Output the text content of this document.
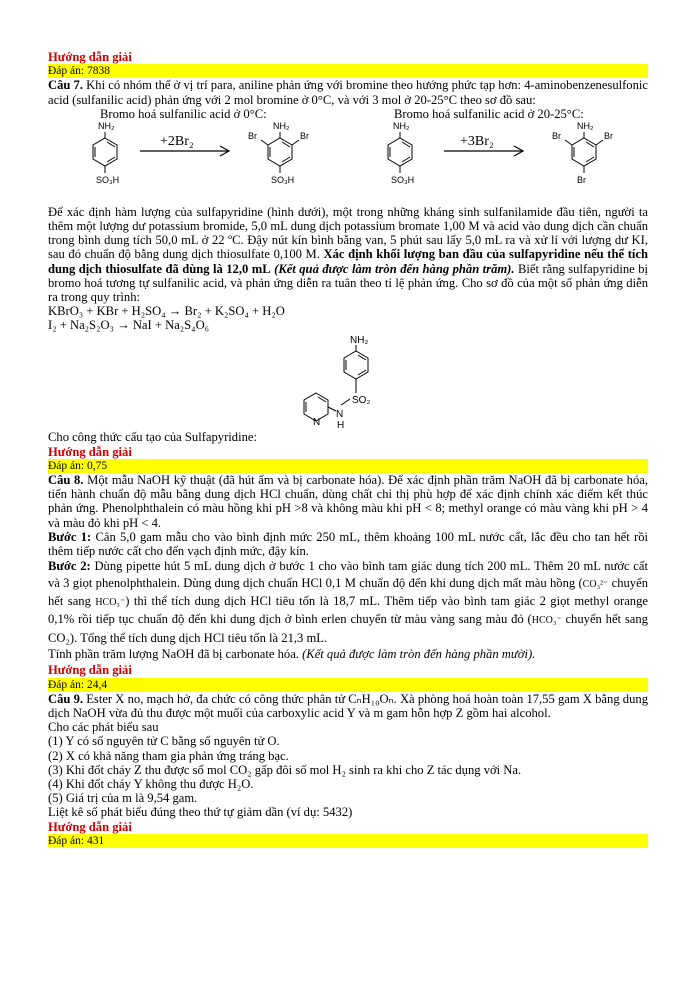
Hướng dẫn giải
Đáp án: 7838

Câu 7. Khi có nhóm thế ở vị trí para, aniline phản ứng với bromine theo hướng phức tạp hơn: 4-aminobenzenesulfonic acid (sulfanilic acid) phản ứng với 2 mol bromine ở 0°C, và với 3 mol ở 20-25°C theo sơ đồ sau:

Bromo hoá sulfanilic acid ở 0°C:	Bromo hoá sulfanilic acid ở 20-25°C:
NH₂
SO₃H
NH₂
SO₃H
Br	Br
NH₂
SO₃H
NH₂
Br
Br	Br
+2Br₂	+3Br₂

Để xác định hàm lượng của sulfapyridine (hình dưới), một trong những kháng sinh sulfanilamide đầu tiên, người ta thêm một lượng dư potassium bromide, 5,0 mL dung dịch potassium bromate 1,00 M và acid vào dung dịch cần chuẩn trong bình dung tích 50,0 mL ở 22 ºC. Đậy nút kín bình bằng van, 5 phút sau lấy 5,0 mL ra và xử lí với lượng dư KI, sau đó chuẩn độ bằng dung dịch thiosulfate 0,100 M. Xác định khối lượng ban đầu của sulfapyridine nếu thể tích dung dịch thiosulfate đã dùng là 12,0 mL (Kết quả được làm tròn đến hàng phần trăm). Biết rằng sulfapyridine bị bromo hoá tương tự sulfanilic acid, và phản ứng diễn ra tuân theo tỉ lệ phản ứng. Cho sơ đồ của một số phản ứng diễn ra trong quy trình:

KBrO₃ + KBr + H₂SO₄ → Br₂ + K₂SO₄ + H₂O

I₂ + Na₂S₂O₃ → NaI + Na₂S₄O₆

Cho công thức cấu tạo của Sulfapyridine:
NH₂
SO₂
N
H
N
Hướng dẫn giải
Đáp án: 0,75

Câu 8. Một mẫu NaOH kỹ thuật (đã hút ẩm và bị carbonate hóa). Để xác định phần trăm NaOH đã bị carbonate hóa, tiến hành chuẩn độ mẫu bằng dung dịch HCl chuẩn, dùng chất chỉ thị phù hợp để xác định chính xác điểm kết thúc phản ứng. Phenolphthalein có màu hồng khi pH >8 và không màu khi pH < 8; methyl orange có màu vàng khi pH > 4 và màu đỏ khi pH < 4.

Bước 1: Cân 5,0 gam mẫu cho vào bình định mức 250 mL, thêm khoảng 100 mL nước cất, lắc đều cho tan hết rồi thêm tiếp nước cất cho đến vạch định mức, đậy kín.

Bước 2: Dùng pipette hút 5 mL dung dịch ở bước 1 cho vào bình tam giác dung tích 200 mL. Thêm 20 mL nước cất và 3 giọt phenolphthalein. Dùng dung dịch chuẩn HCl 0,1 M chuẩn độ đến khi dung dịch mất màu hồng (CO₃²⁻ chuyển hết sang HCO₃⁻) thì thể tích dung dịch HCl tiêu tốn là 18,7 mL. Thêm tiếp vào bình tam giác 2 giọt methyl orange 0,1% rồi tiếp tục chuẩn độ đến khi dung dịch ở bình erlen chuyển từ màu vàng sang màu đỏ (HCO₃⁻ chuyển hết sang CO₂). Tổng thể tích dung dịch HCl tiêu tốn là 21,3 mL.

Tính phần trăm lượng NaOH đã bị carbonate hóa. (Kết quả được làm tròn đến hàng phần mười).

Hướng dẫn giải
Đáp án: 24,4

Câu 9. Ester X no, mạch hở, đa chức có công thức phân tử CₙH₁₀Oₙ. Xà phòng hoá hoàn toàn 17,55 gam X bằng dung dịch NaOH vừa đủ thu được một muối của carboxylic acid Y và m gam hỗn hợp Z gồm hai alcohol.

Cho các phát biểu sau

(1) Y có số nguyên tử C bằng số nguyên tử O.

(2) X có khả năng tham gia phản ứng tráng bạc.

(3) Khi đốt cháy Z thu được số mol CO₂ gấp đôi số mol H₂ sinh ra khi cho Z tác dụng với Na.

(4) Khi đốt cháy Y không thu được H₂O.

(5) Giá trị của m là 9,54 gam.

Liệt kê số phát biểu đúng theo thứ tự giảm dần (ví dụ: 5432)

Hướng dẫn giải
Đáp án: 431
